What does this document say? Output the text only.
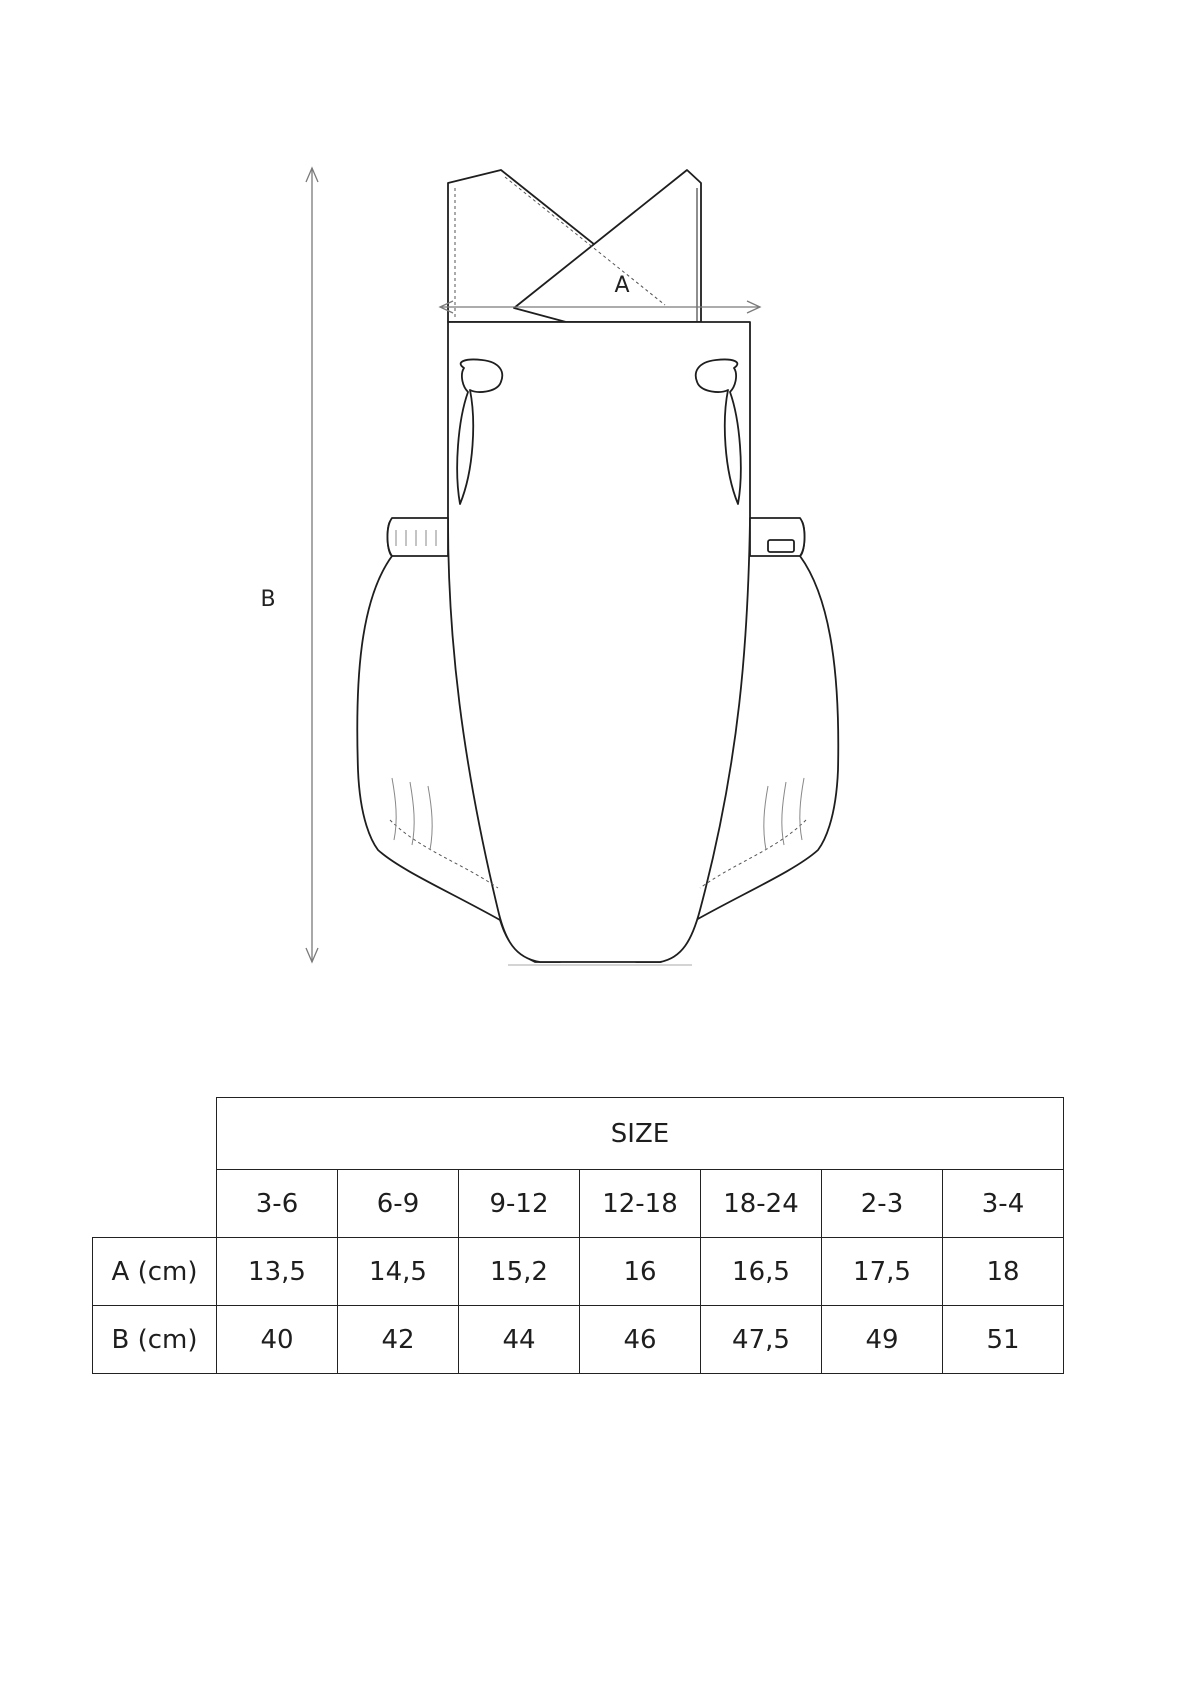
B
A
	SIZE						
	3-6	6-9	9-12	12-18	18-24	2-3	3-4
A (cm)	13,5	14,5	15,2	16	16,5	17,5	18
B (cm)	40	42	44	46	47,5	49	51
